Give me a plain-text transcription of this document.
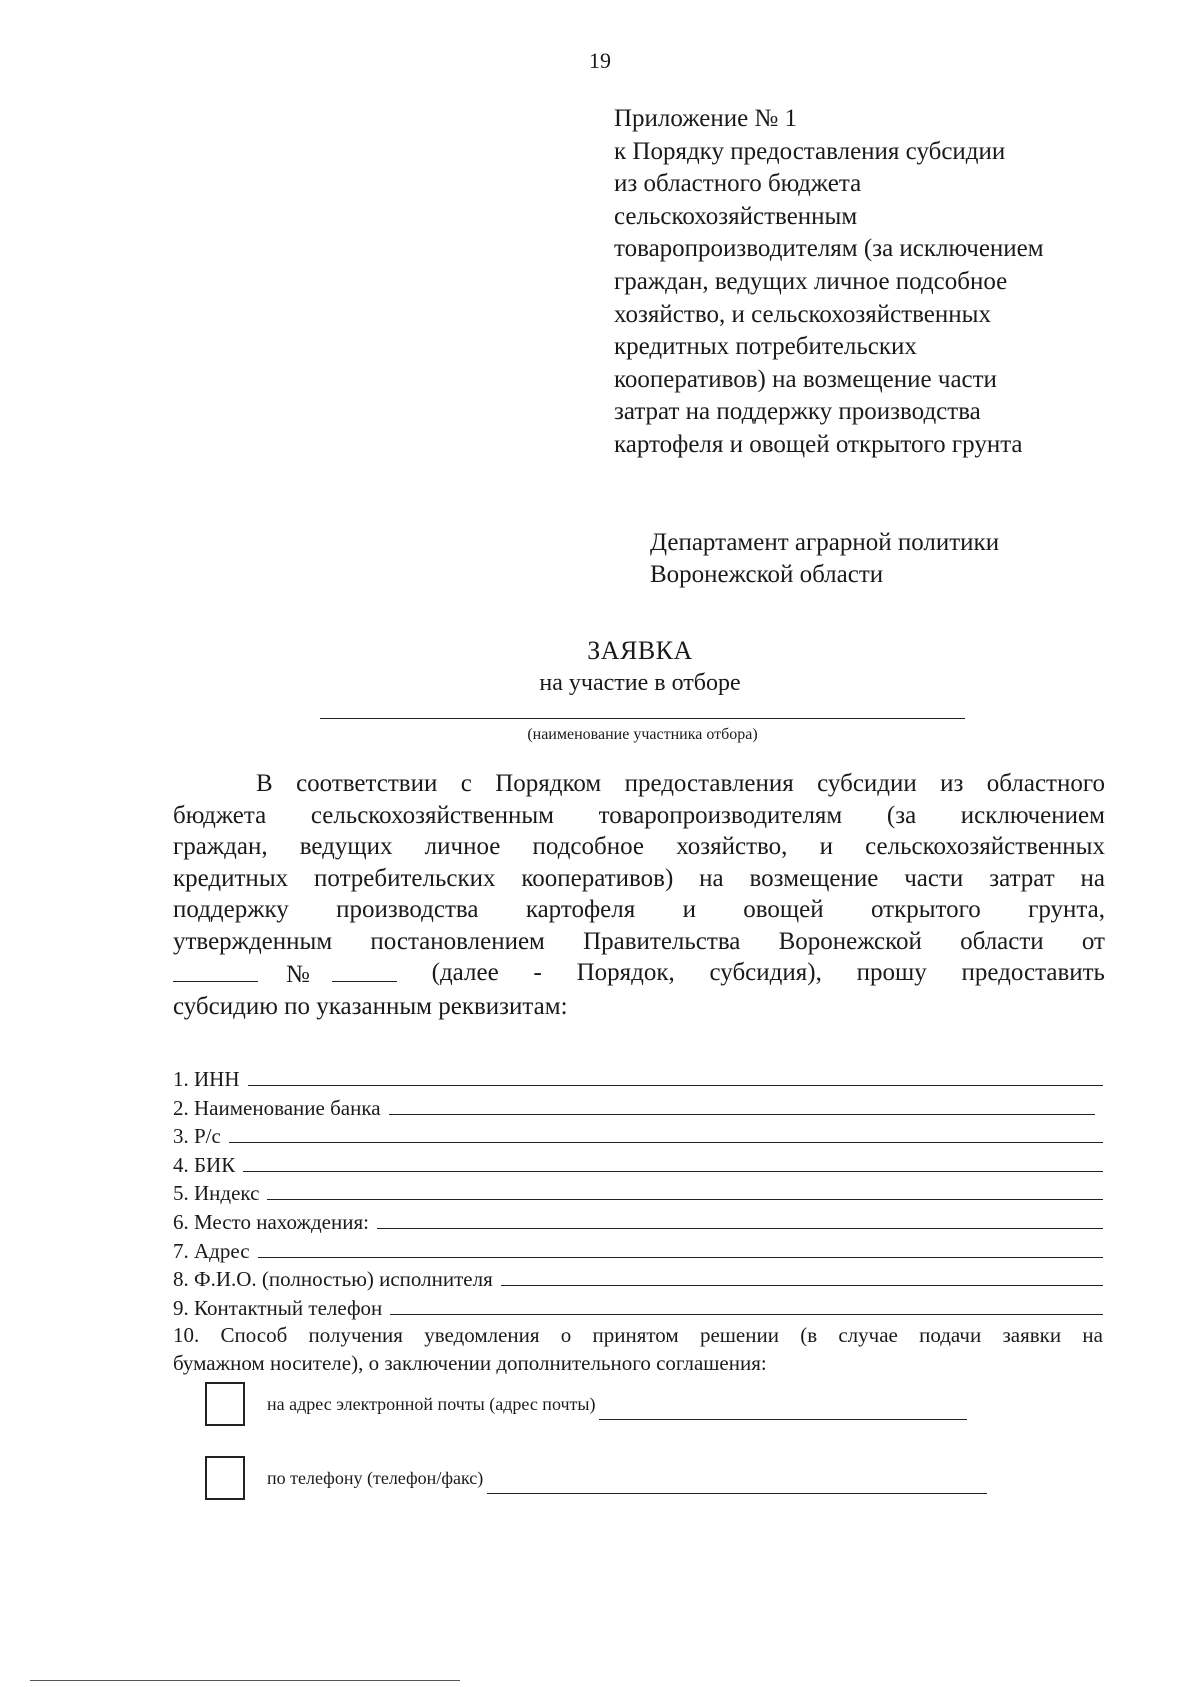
19
Приложение № 1
к Порядку предоставления субсидии
из областного бюджета
сельскохозяйственным
товаропроизводителям (за исключением
граждан, ведущих личное подсобное
хозяйство, и сельскохозяйственных
кредитных потребительских
кооперативов) на возмещение части
затрат на поддержку производства
картофеля и овощей открытого грунта
Департамент аграрной политики
Воронежской области
ЗАЯВКА
на участие в отборе
(наименование участника отбора)
В соответствии с Порядком предоставления субсидии из областного
бюджета сельскохозяйственным товаропроизводителям (за исключением
граждан, ведущих личное подсобное хозяйство, и сельскохозяйственных
кредитных потребительских кооперативов) на возмещение части затрат на
поддержку производства картофеля и овощей открытого грунта,
утвержденным постановлением Правительства Воронежской области от
№	(далее - Порядок, субсидия), прошу предоставить
субсидию по указанным реквизитам:
1. ИНН
2. Наименование банка
3. Р/с
4. БИК
5. Индекс
6. Место нахождения:
7. Адрес
8. Ф.И.О. (полностью) исполнителя
9. Контактный телефон
10. Способ получения уведомления о принятом решении (в случае подачи заявки на
бумажном носителе), о заключении дополнительного соглашения:
на адрес электронной почты (адрес почты)
по телефону (телефон/факс)
